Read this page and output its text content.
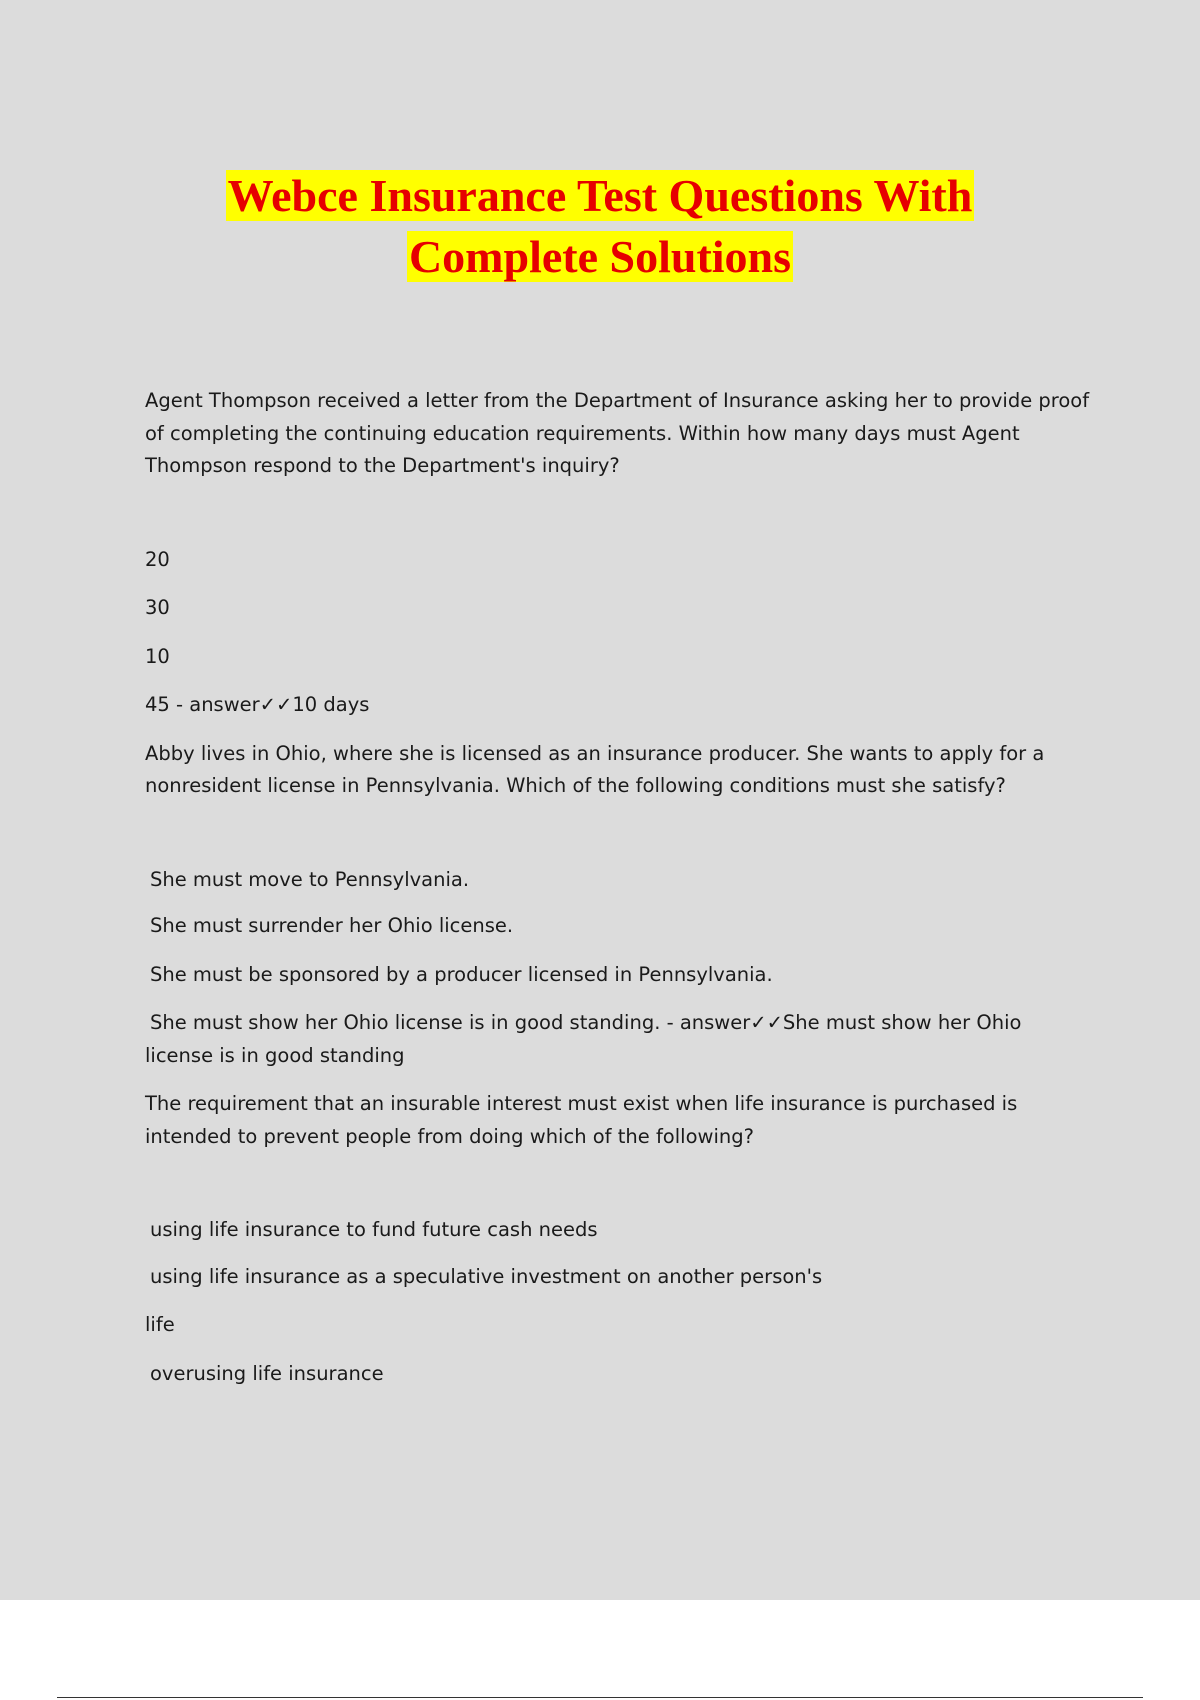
Webce Insurance Test Questions With
Complete Solutions

Agent Thompson received a letter from the Department of Insurance asking her to provide proof of completing the continuing education requirements. Within how many days must Agent Thompson respond to the Department's inquiry?

20

30

10

45 - answer✓✓10 days

Abby lives in Ohio, where she is licensed as an insurance producer. She wants to apply for a nonresident license in Pennsylvania. Which of the following conditions must she satisfy?

She must move to Pennsylvania.

She must surrender her Ohio license.

She must be sponsored by a producer licensed in Pennsylvania.

She must show her Ohio license is in good standing. - answer✓✓She must show her Ohio license is in good standing

The requirement that an insurable interest must exist when life insurance is purchased is intended to prevent people from doing which of the following?

using life insurance to fund future cash needs

using life insurance as a speculative investment on another person's

life

overusing life insurance
